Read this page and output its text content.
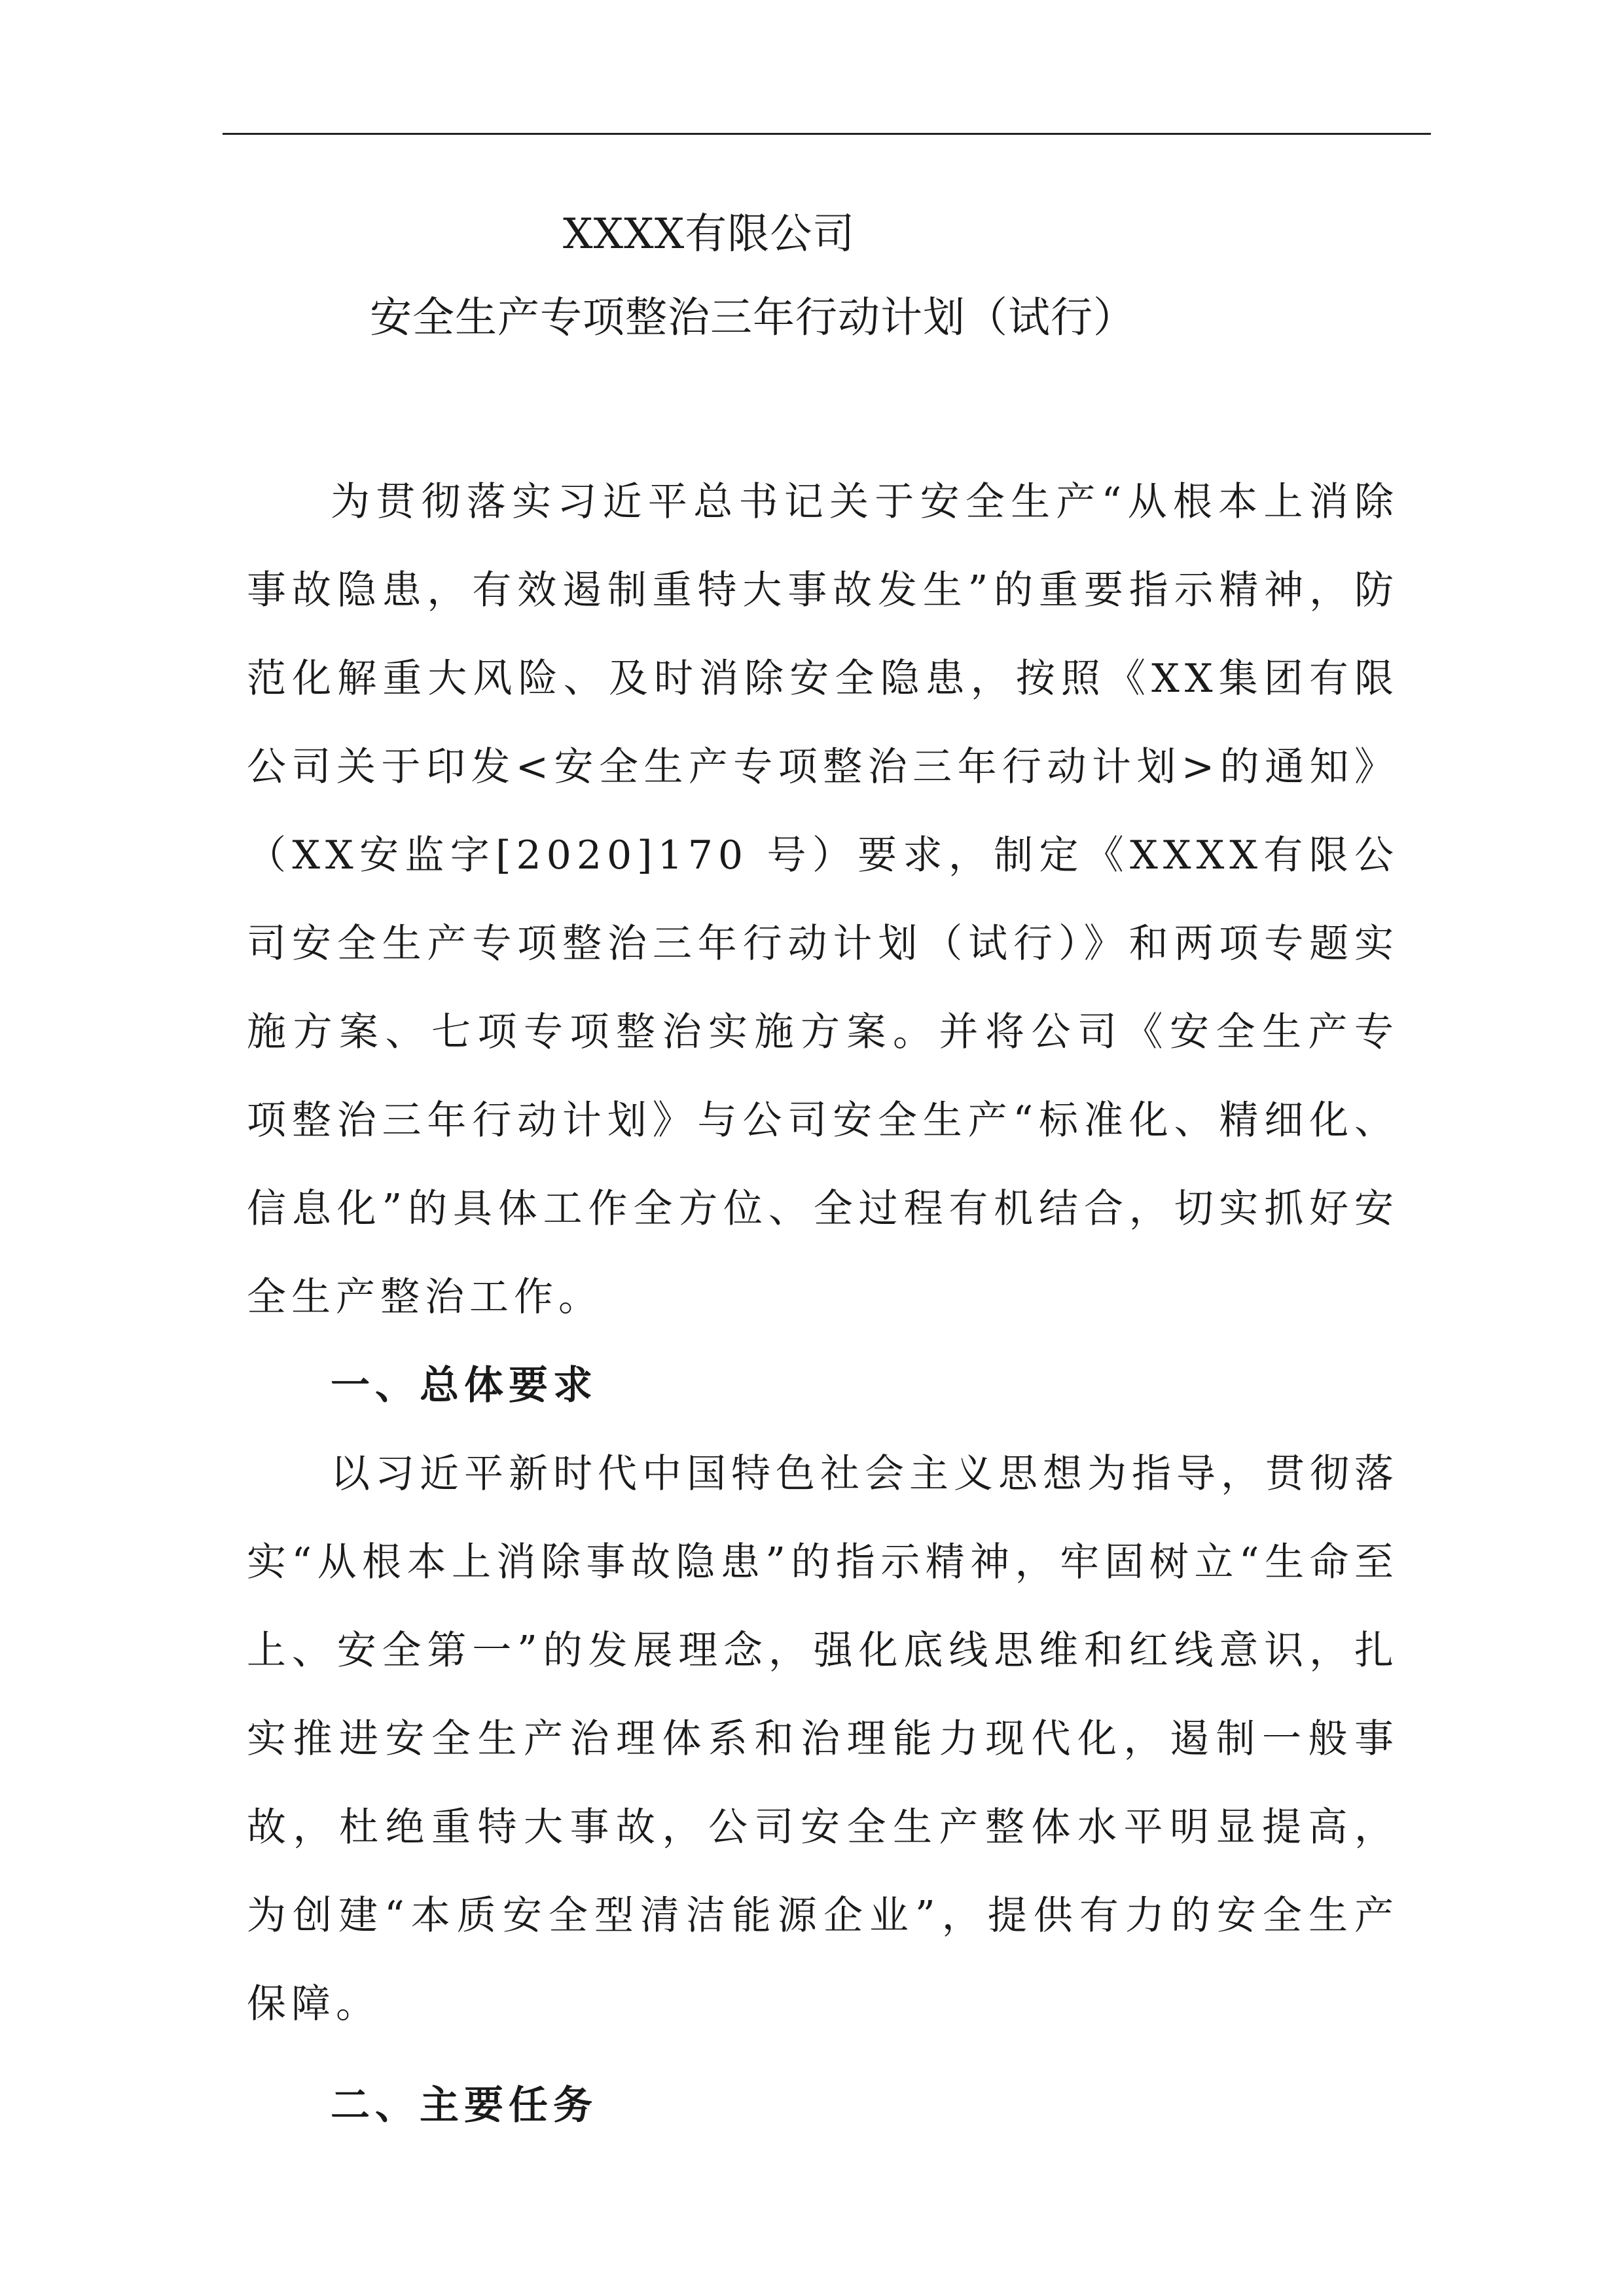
XXXX有限公司
安全生产专项整治三年行动计划（试行）

为贯彻落实习近平总书记关于安全生产“从根本上消除事故隐患，有效遏制重特大事故发生”的重要指示精神，防范化解重大风险、及时消除安全隐患，按照《XX集团有限公司关于印发<安全生产专项整治三年行动计划>的通知》（XX安监字[2020]170 号）要求，制定《XXXX有限公司安全生产专项整治三年行动计划（试行）》和两项专题实施方案、七项专项整治实施方案。并将公司《安全生产专项整治三年行动计划》与公司安全生产“标准化、精细化、信息化”的具体工作全方位、全过程有机结合，切实抓好安全生产整治工作。

一、总体要求

以习近平新时代中国特色社会主义思想为指导，贯彻落实“从根本上消除事故隐患”的指示精神，牢固树立“生命至上、安全第一”的发展理念，强化底线思维和红线意识，扎实推进安全生产治理体系和治理能力现代化，遏制一般事故，杜绝重特大事故，公司安全生产整体水平明显提高，为创建“本质安全型清洁能源企业”，提供有力的安全生产保障。

二、主要任务
